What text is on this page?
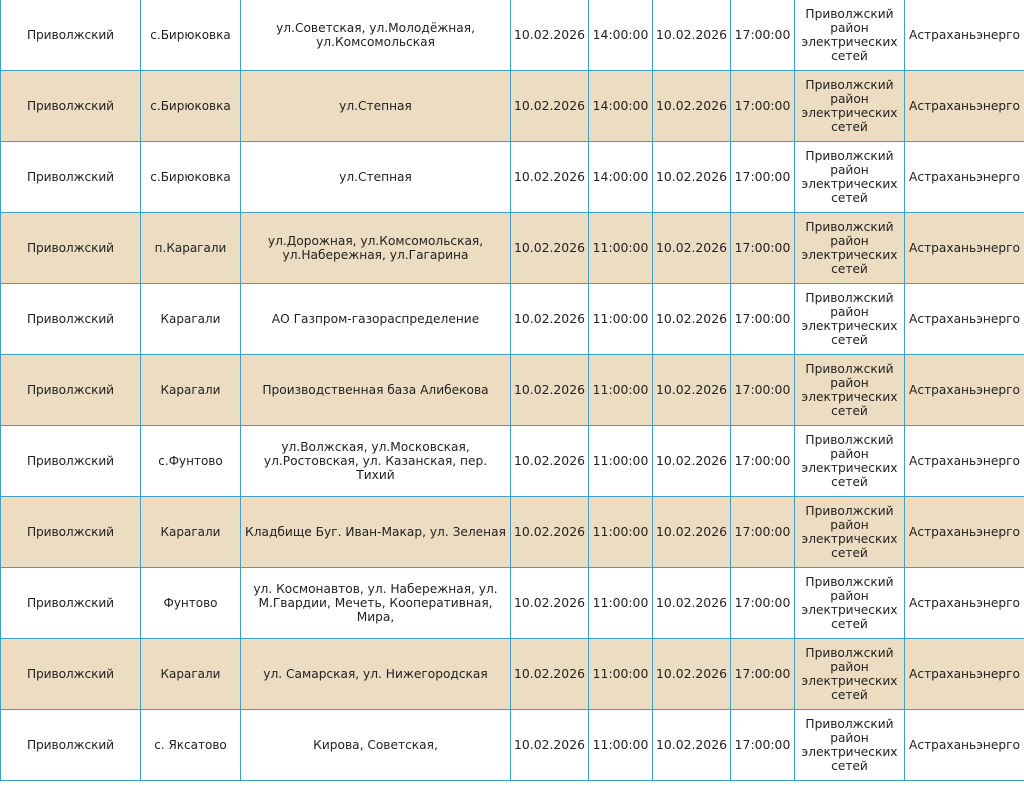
Приволжский	с.Бирюковка	ул.Советская, ул.Молодёжная, ул.Комсомольская	10.02.2026	14:00:00	10.02.2026	17:00:00	Приволжский район электрических сетей	Астраханьэнерго
Приволжский	с.Бирюковка	ул.Степная	10.02.2026	14:00:00	10.02.2026	17:00:00	Приволжский район электрических сетей	Астраханьэнерго
Приволжский	с.Бирюковка	ул.Степная	10.02.2026	14:00:00	10.02.2026	17:00:00	Приволжский район электрических сетей	Астраханьэнерго
Приволжский	п.Карагали	ул.Дорожная, ул.Комсомольская, ул.Набережная, ул.Гагарина	10.02.2026	11:00:00	10.02.2026	17:00:00	Приволжский район электрических сетей	Астраханьэнерго
Приволжский	Карагали	АО Газпром-газораспределение	10.02.2026	11:00:00	10.02.2026	17:00:00	Приволжский район электрических сетей	Астраханьэнерго
Приволжский	Карагали	Производственная база Алибекова	10.02.2026	11:00:00	10.02.2026	17:00:00	Приволжский район электрических сетей	Астраханьэнерго
Приволжский	с.Фунтово	ул.Волжская, ул.Московская, ул.Ростовская, ул. Казанская, пер. Тихий	10.02.2026	11:00:00	10.02.2026	17:00:00	Приволжский район электрических сетей	Астраханьэнерго
Приволжский	Карагали	Кладбище Буг. Иван-Макар, ул. Зеленая	10.02.2026	11:00:00	10.02.2026	17:00:00	Приволжский район электрических сетей	Астраханьэнерго
Приволжский	Фунтово	ул. Космонавтов, ул. Набережная, ул. М.Гвардии, Мечеть, Кооперативная, Мира,	10.02.2026	11:00:00	10.02.2026	17:00:00	Приволжский район электрических сетей	Астраханьэнерго
Приволжский	Карагали	ул. Самарская, ул. Нижегородская	10.02.2026	11:00:00	10.02.2026	17:00:00	Приволжский район электрических сетей	Астраханьэнерго
Приволжский	с. Яксатово	Кирова, Советская,	10.02.2026	11:00:00	10.02.2026	17:00:00	Приволжский район электрических сетей	Астраханьэнерго
